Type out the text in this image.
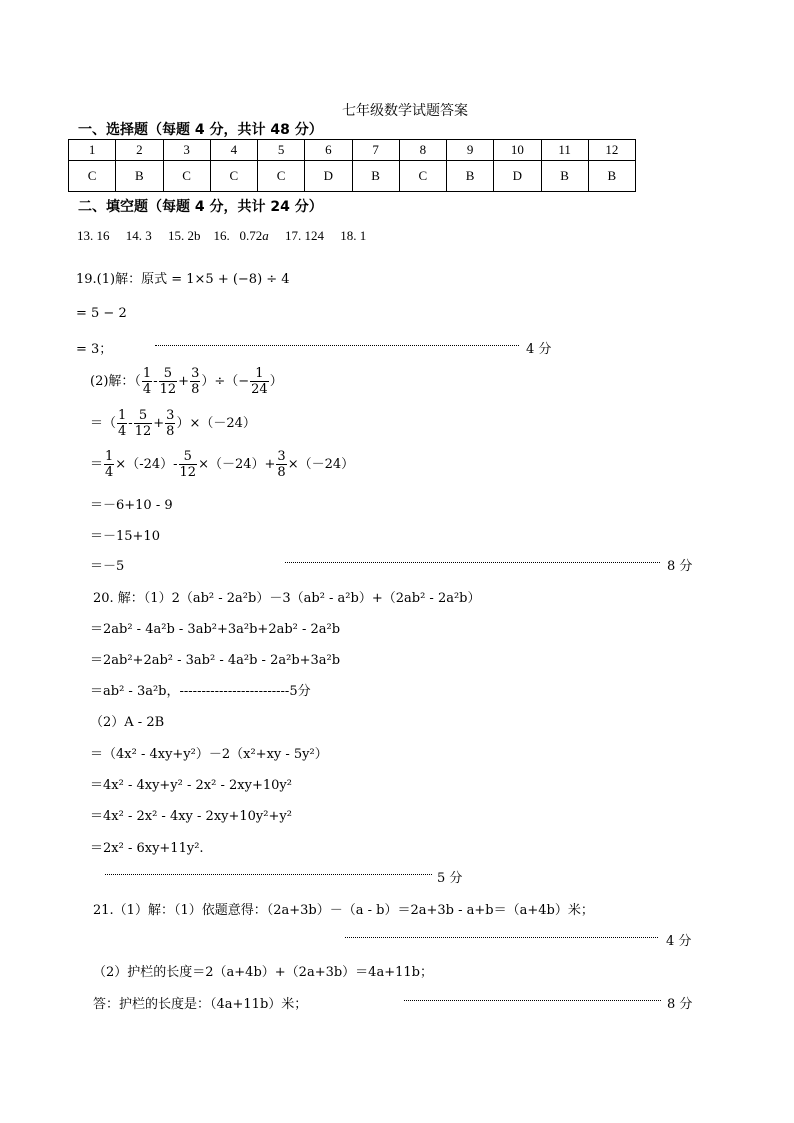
七年级数学试题答案
一、选择题（每题 4 分，共计 48 分）
1	2	3	4	5	6	7	8	9	10	11	12
C	B	C	C	C	D	B	C	B	D	B	B
二、填空题（每题 4 分，共计 24 分）
13. 16 14. 3 15. 2b 16. 0.72a 17. 124 18. 1
19.(1)解：原式 = 1×5 + (−8) ÷ 4
= 5 − 2
= 3；	4 分
(2)解：（ $\frac{1}{4} - \frac{5}{12} + \frac{3}{8}$ ）÷（− $\frac{1}{24}$ ）
＝（ $\frac{1}{4} - \frac{5}{12} + \frac{3}{8} )\times(-24)$
＝ $\frac{1}{4} \times(-24)- \frac{5}{12} \times(-24)+ \frac{3}{8} \times(-24)$
＝－6+10 - 9
＝－15+10
＝－5	8 分
20. 解：（1）2（ab² - 2a²b）－3（ab² - a²b）+（2ab² - 2a²b）
＝2ab² - 4a²b - 3ab²+3a²b+2ab² - 2a²b
＝2ab²+2ab² - 3ab² - 4a²b - 2a²b+3a²b
＝ab² - 3a²b，-------------------------5分
（2）A - 2B
＝（4x² - 4xy+y²）－2（x²+xy - 5y²）
＝4x² - 4xy+y² - 2x² - 2xy+10y²
＝4x² - 2x² - 4xy - 2xy+10y²+y²
＝2x² - 6xy+11y².
5 分
21.（1）解：（1）依题意得：（2a+3b）－（a - b）＝2a+3b - a+b＝（a+4b）米；
4 分
（2）护栏的长度＝2（a+4b）+（2a+3b）＝4a+11b；
答：护栏的长度是：（4a+11b）米；	8 分
